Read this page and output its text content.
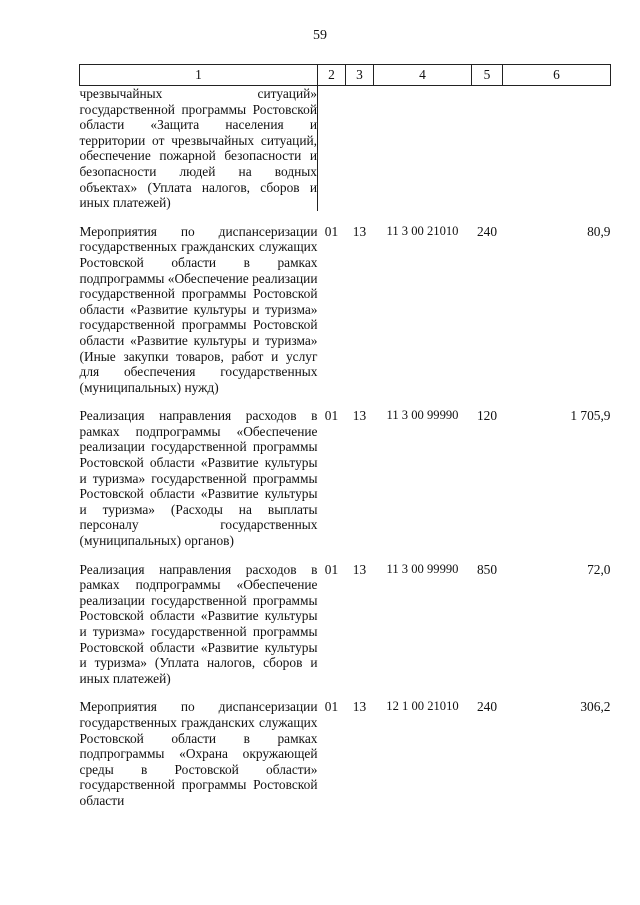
59
1	2	3	4	5	6
чрезвычайных ситуаций» государственной программы Ростовской области «Защита населения и территории от чрезвычайных ситуаций, обеспечение пожарной безопасности и безопасности людей на водных объектах» (Уплата налогов, сборов и иных платежей)					

Мероприятия по диспансеризации государственных гражданских служащих Ростовской области в рамках подпрограммы «Обеспечение реализации государственной программы Ростовской области «Развитие культуры и туризма» государственной программы Ростовской области «Развитие культуры и туризма» (Иные закупки товаров, работ и услуг для обеспечения государственных (муниципальных) нужд)	01	13	11 3 00 21010	240	80,9

Реализация направления расходов в рамках подпрограммы «Обеспечение реализации государственной программы Ростовской области «Развитие культуры и туризма» государственной программы Ростовской области «Развитие культуры и туризма» (Расходы на выплаты персоналу государственных (муниципальных) органов)	01	13	11 3 00 99990	120	1 705,9

Реализация направления расходов в рамках подпрограммы «Обеспечение реализации государственной программы Ростовской области «Развитие культуры и туризма» государственной программы Ростовской области «Развитие культуры и туризма» (Уплата налогов, сборов и иных платежей)	01	13	11 3 00 99990	850	72,0

Мероприятия по диспансеризации государственных гражданских служащих Ростовской области в рамках подпрограммы «Охрана окружающей среды в Ростовской области» государственной программы Ростовской области	01	13	12 1 00 21010	240	306,2
